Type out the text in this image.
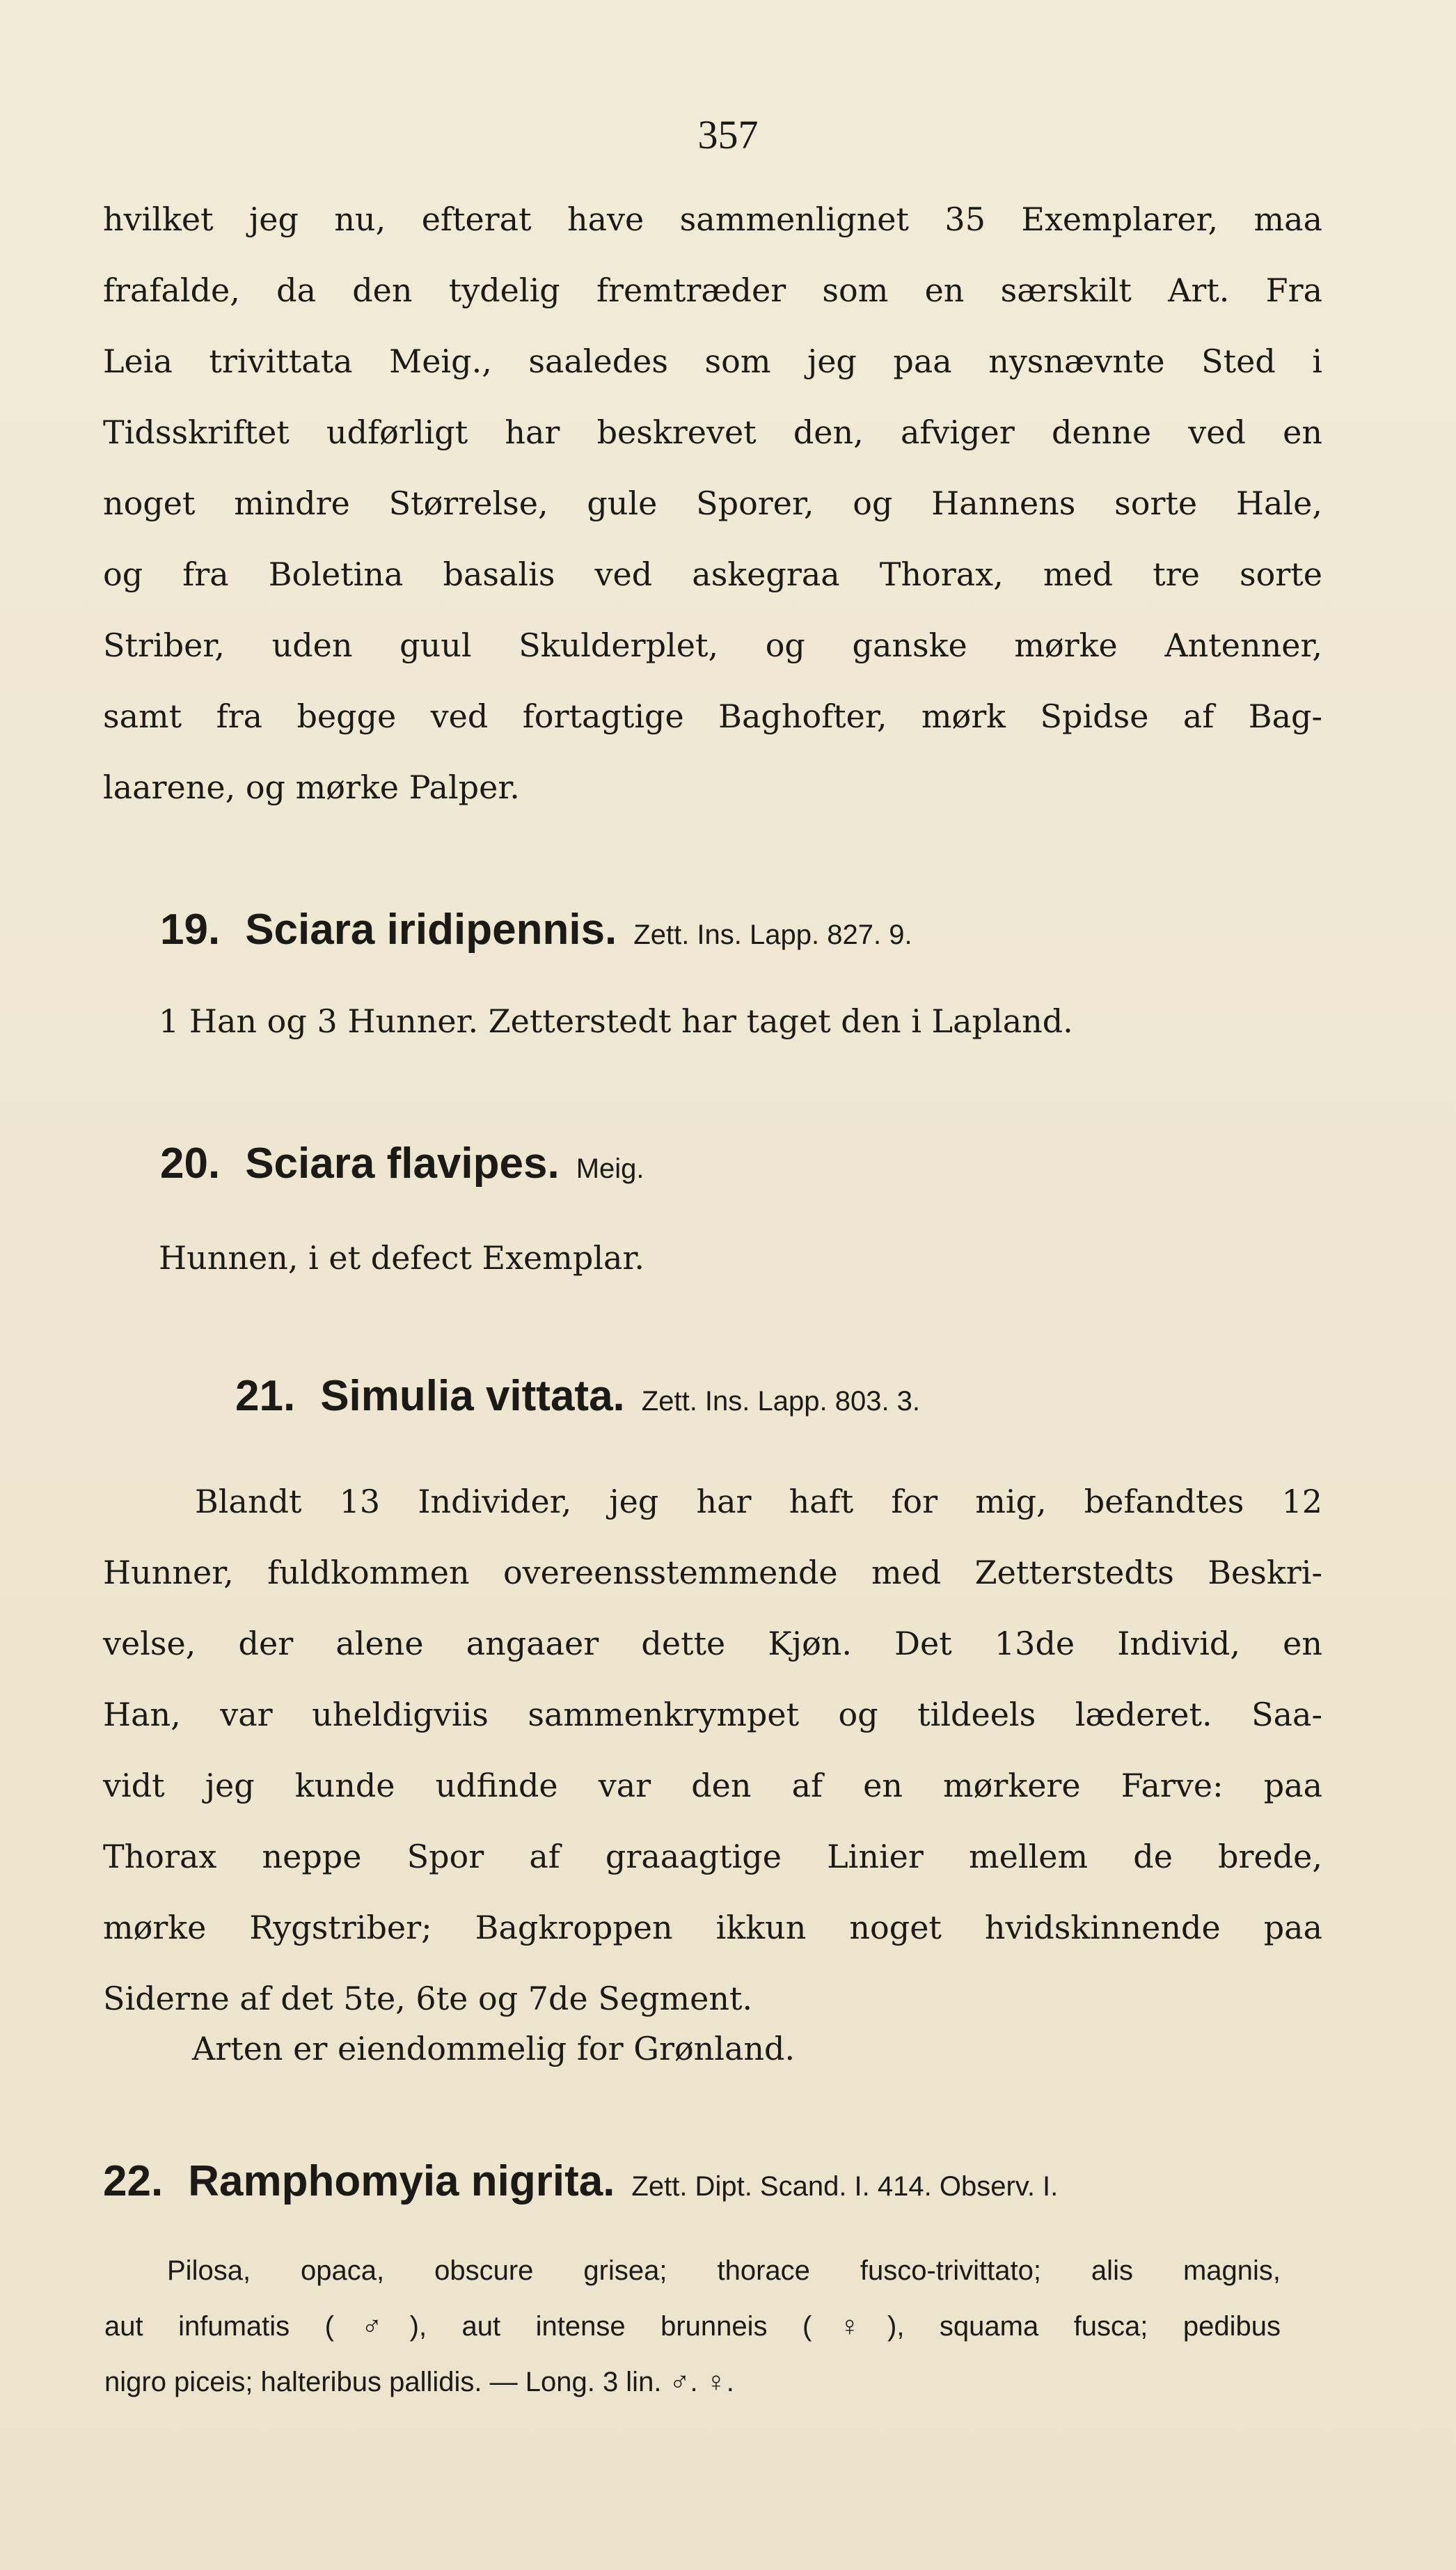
357
hvilket jeg nu, efterat have sammenlignet 35 Exemplarer, maa
frafalde, da den tydelig fremtræder som en særskilt Art. Fra
Leia trivittata Meig., saaledes som jeg paa nysnævnte Sted i
Tidsskriftet udførligt har beskrevet den, afviger denne ved en
noget mindre Størrelse, gule Sporer, og Hannens sorte Hale,
og fra Boletina basalis ved askegraa Thorax, med tre sorte
Striber, uden guul Skulderplet, og ganske mørke Antenner,
samt fra begge ved fortagtige Baghofter, mørk Spidse af Bag-
laarene, og mørke Palper.
19. Sciara iridipennis. Zett. Ins. Lapp. 827. 9.
1 Han og 3 Hunner. Zetterstedt har taget den i Lapland.
20. Sciara flavipes. Meig.
Hunnen, i et defect Exemplar.
21. Simulia vittata. Zett. Ins. Lapp. 803. 3.
Blandt 13 Individer, jeg har haft for mig, befandtes 12
Hunner, fuldkommen overeensstemmende med Zetterstedts Beskri-
velse, der alene angaaer dette Kjøn. Det 13de Individ, en
Han, var uheldigviis sammenkrympet og tildeels læderet. Saa-
vidt jeg kunde udfinde var den af en mørkere Farve: paa
Thorax neppe Spor af graaagtige Linier mellem de brede,
mørke Rygstriber; Bagkroppen ikkun noget hvidskinnende paa
Siderne af det 5te, 6te og 7de Segment.
Arten er eiendommelig for Grønland.
22. Ramphomyia nigrita. Zett. Dipt. Scand. I. 414. Observ. I.
Pilosa, opaca, obscure grisea; thorace fusco-trivittato; alis magnis,
aut infumatis (♂), aut intense brunneis (♀), squama fusca; pedibus
nigro piceis; halteribus pallidis. — Long. 3 lin. ♂. ♀.
